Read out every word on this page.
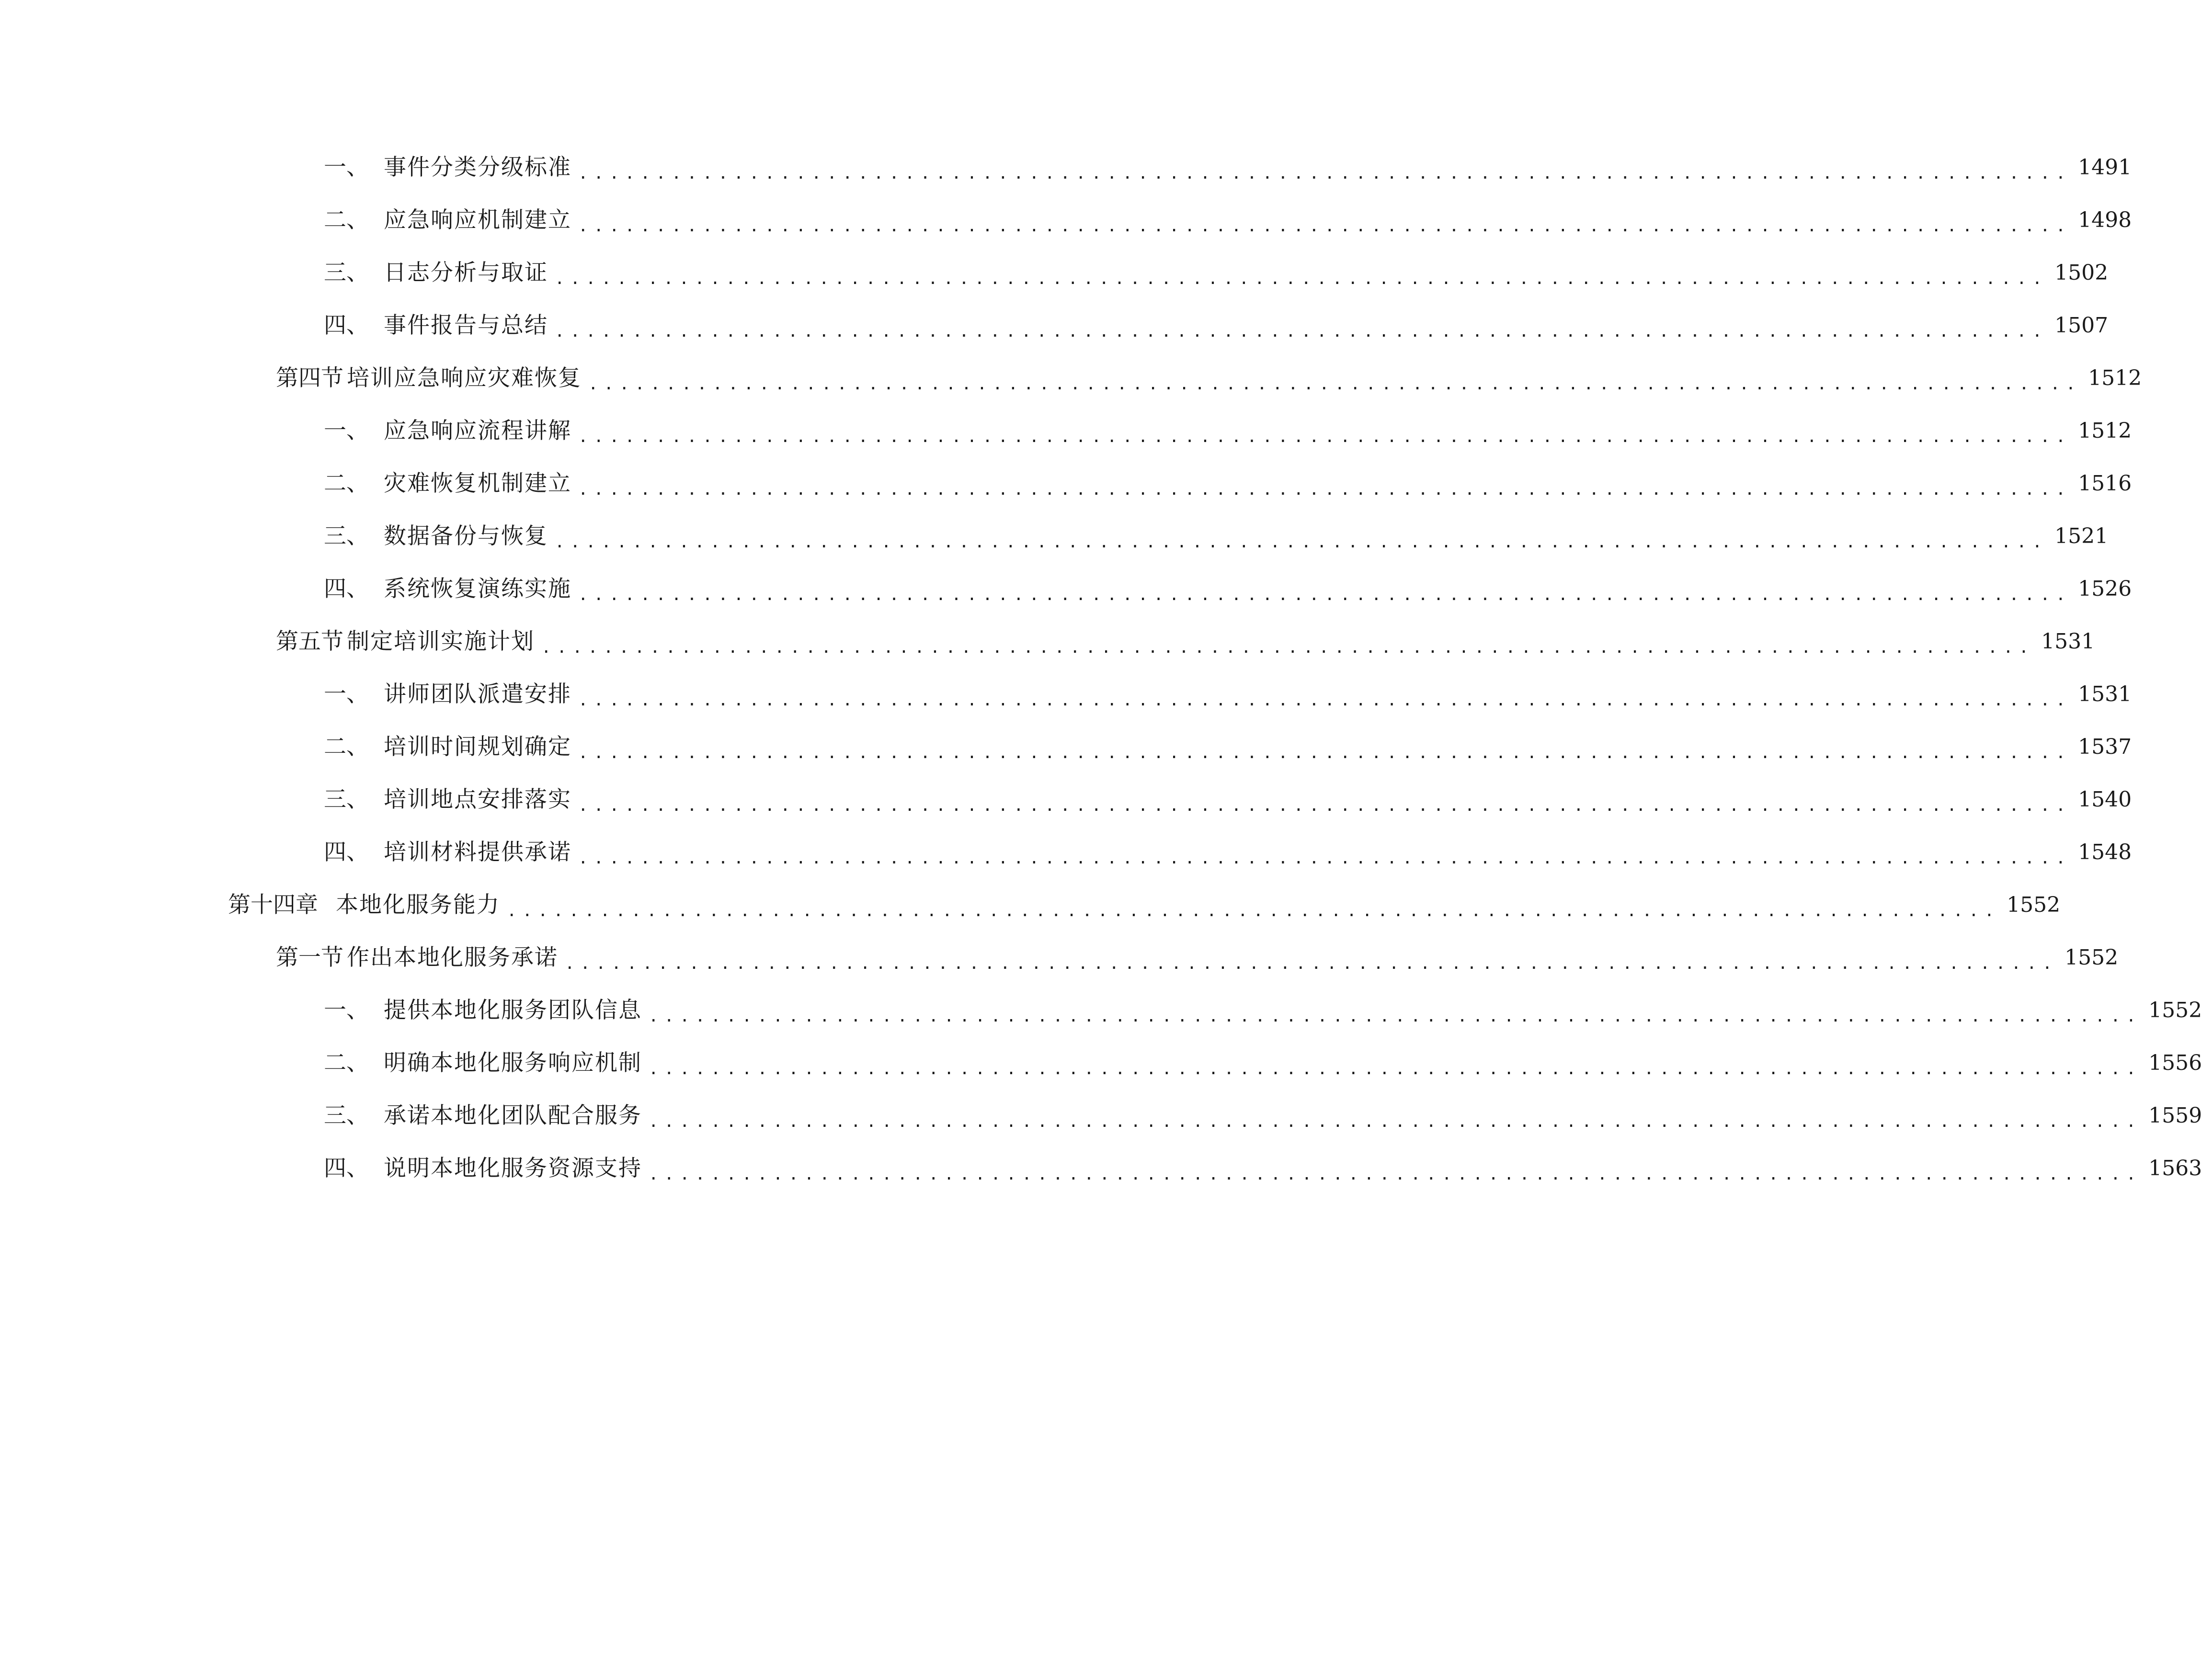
一、 事件分类分级标准 ................................................................................................ 1491
二、 应急响应机制建立 ................................................................................................ 1498
三、 日志分析与取证 ................................................................................................ 1502
四、 事件报告与总结 ................................................................................................ 1507
第四节 培训应急响应灾难恢复 ................................................................................................ 1512
一、 应急响应流程讲解 ................................................................................................ 1512
二、 灾难恢复机制建立 ................................................................................................ 1516
三、 数据备份与恢复 ................................................................................................ 1521
四、 系统恢复演练实施 ................................................................................................ 1526
第五节 制定培训实施计划 ................................................................................................ 1531
一、 讲师团队派遣安排 ................................................................................................ 1531
二、 培训时间规划确定 ................................................................................................ 1537
三、 培训地点安排落实 ................................................................................................ 1540
四、 培训材料提供承诺 ................................................................................................ 1548
第十四章 本地化服务能力 ................................................................................................ 1552
第一节 作出本地化服务承诺 ................................................................................................ 1552
一、 提供本地化服务团队信息 ................................................................................................ 1552
二、 明确本地化服务响应机制 ................................................................................................ 1556
三、 承诺本地化团队配合服务 ................................................................................................ 1559
四、 说明本地化服务资源支持 ................................................................................................ 1563
